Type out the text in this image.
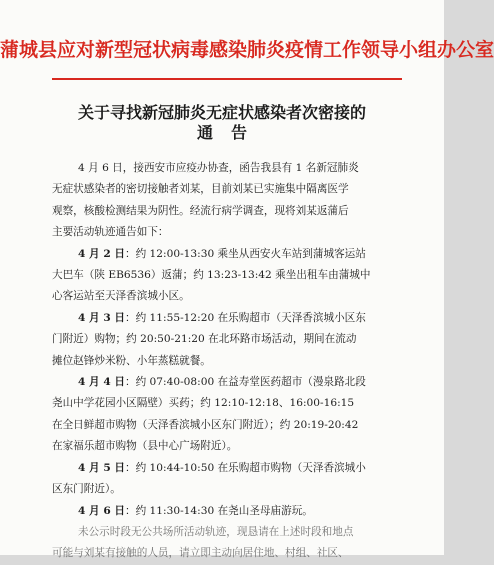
蒲城县应对新型冠状病毒感染肺炎疫情工作领导小组办公室
关于寻找新冠肺炎无症状感染者次密接的
通告
4 月 6 日，接西安市应疫办协查，函告我县有 1 名新冠肺炎
无症状感染者的密切接触者刘某，目前刘某已实施集中隔离医学
观察，核酸检测结果为阴性。经流行病学调查，现将刘某返蒲后
主要活动轨迹通告如下：
4 月 2 日：约 12:00-13:30 乘坐从西安火车站到蒲城客运站
大巴车（陕 EB6536）返蒲；约 13:23-13:42 乘坐出租车由蒲城中
心客运站至天泽香滨城小区。
4 月 3 日：约 11:55-12:20 在乐购超市（天泽香滨城小区东
门附近）购物；约 20:50-21:20 在北环路市场活动，期间在流动
摊位赵锋炒米粉、小年蒸糕就餐。
4 月 4 日：约 07:40-08:00 在益寿堂医药超市（漫泉路北段
尧山中学花园小区隔壁）买药；约 12:10-12:18、16:00-16:15
在全日鲜超市购物（天泽香滨城小区东门附近）；约 20:19-20:42
在家福乐超市购物（县中心广场附近）。
4 月 5 日：约 10:44-10:50 在乐购超市购物（天泽香滨城小
区东门附近）。
4 月 6 日：约 11:30-14:30 在尧山圣母庙游玩。
未公示时段无公共场所活动轨迹，现恳请在上述时段和地点
可能与刘某有接触的人员，请立即主动向居住地、村组、社区、
